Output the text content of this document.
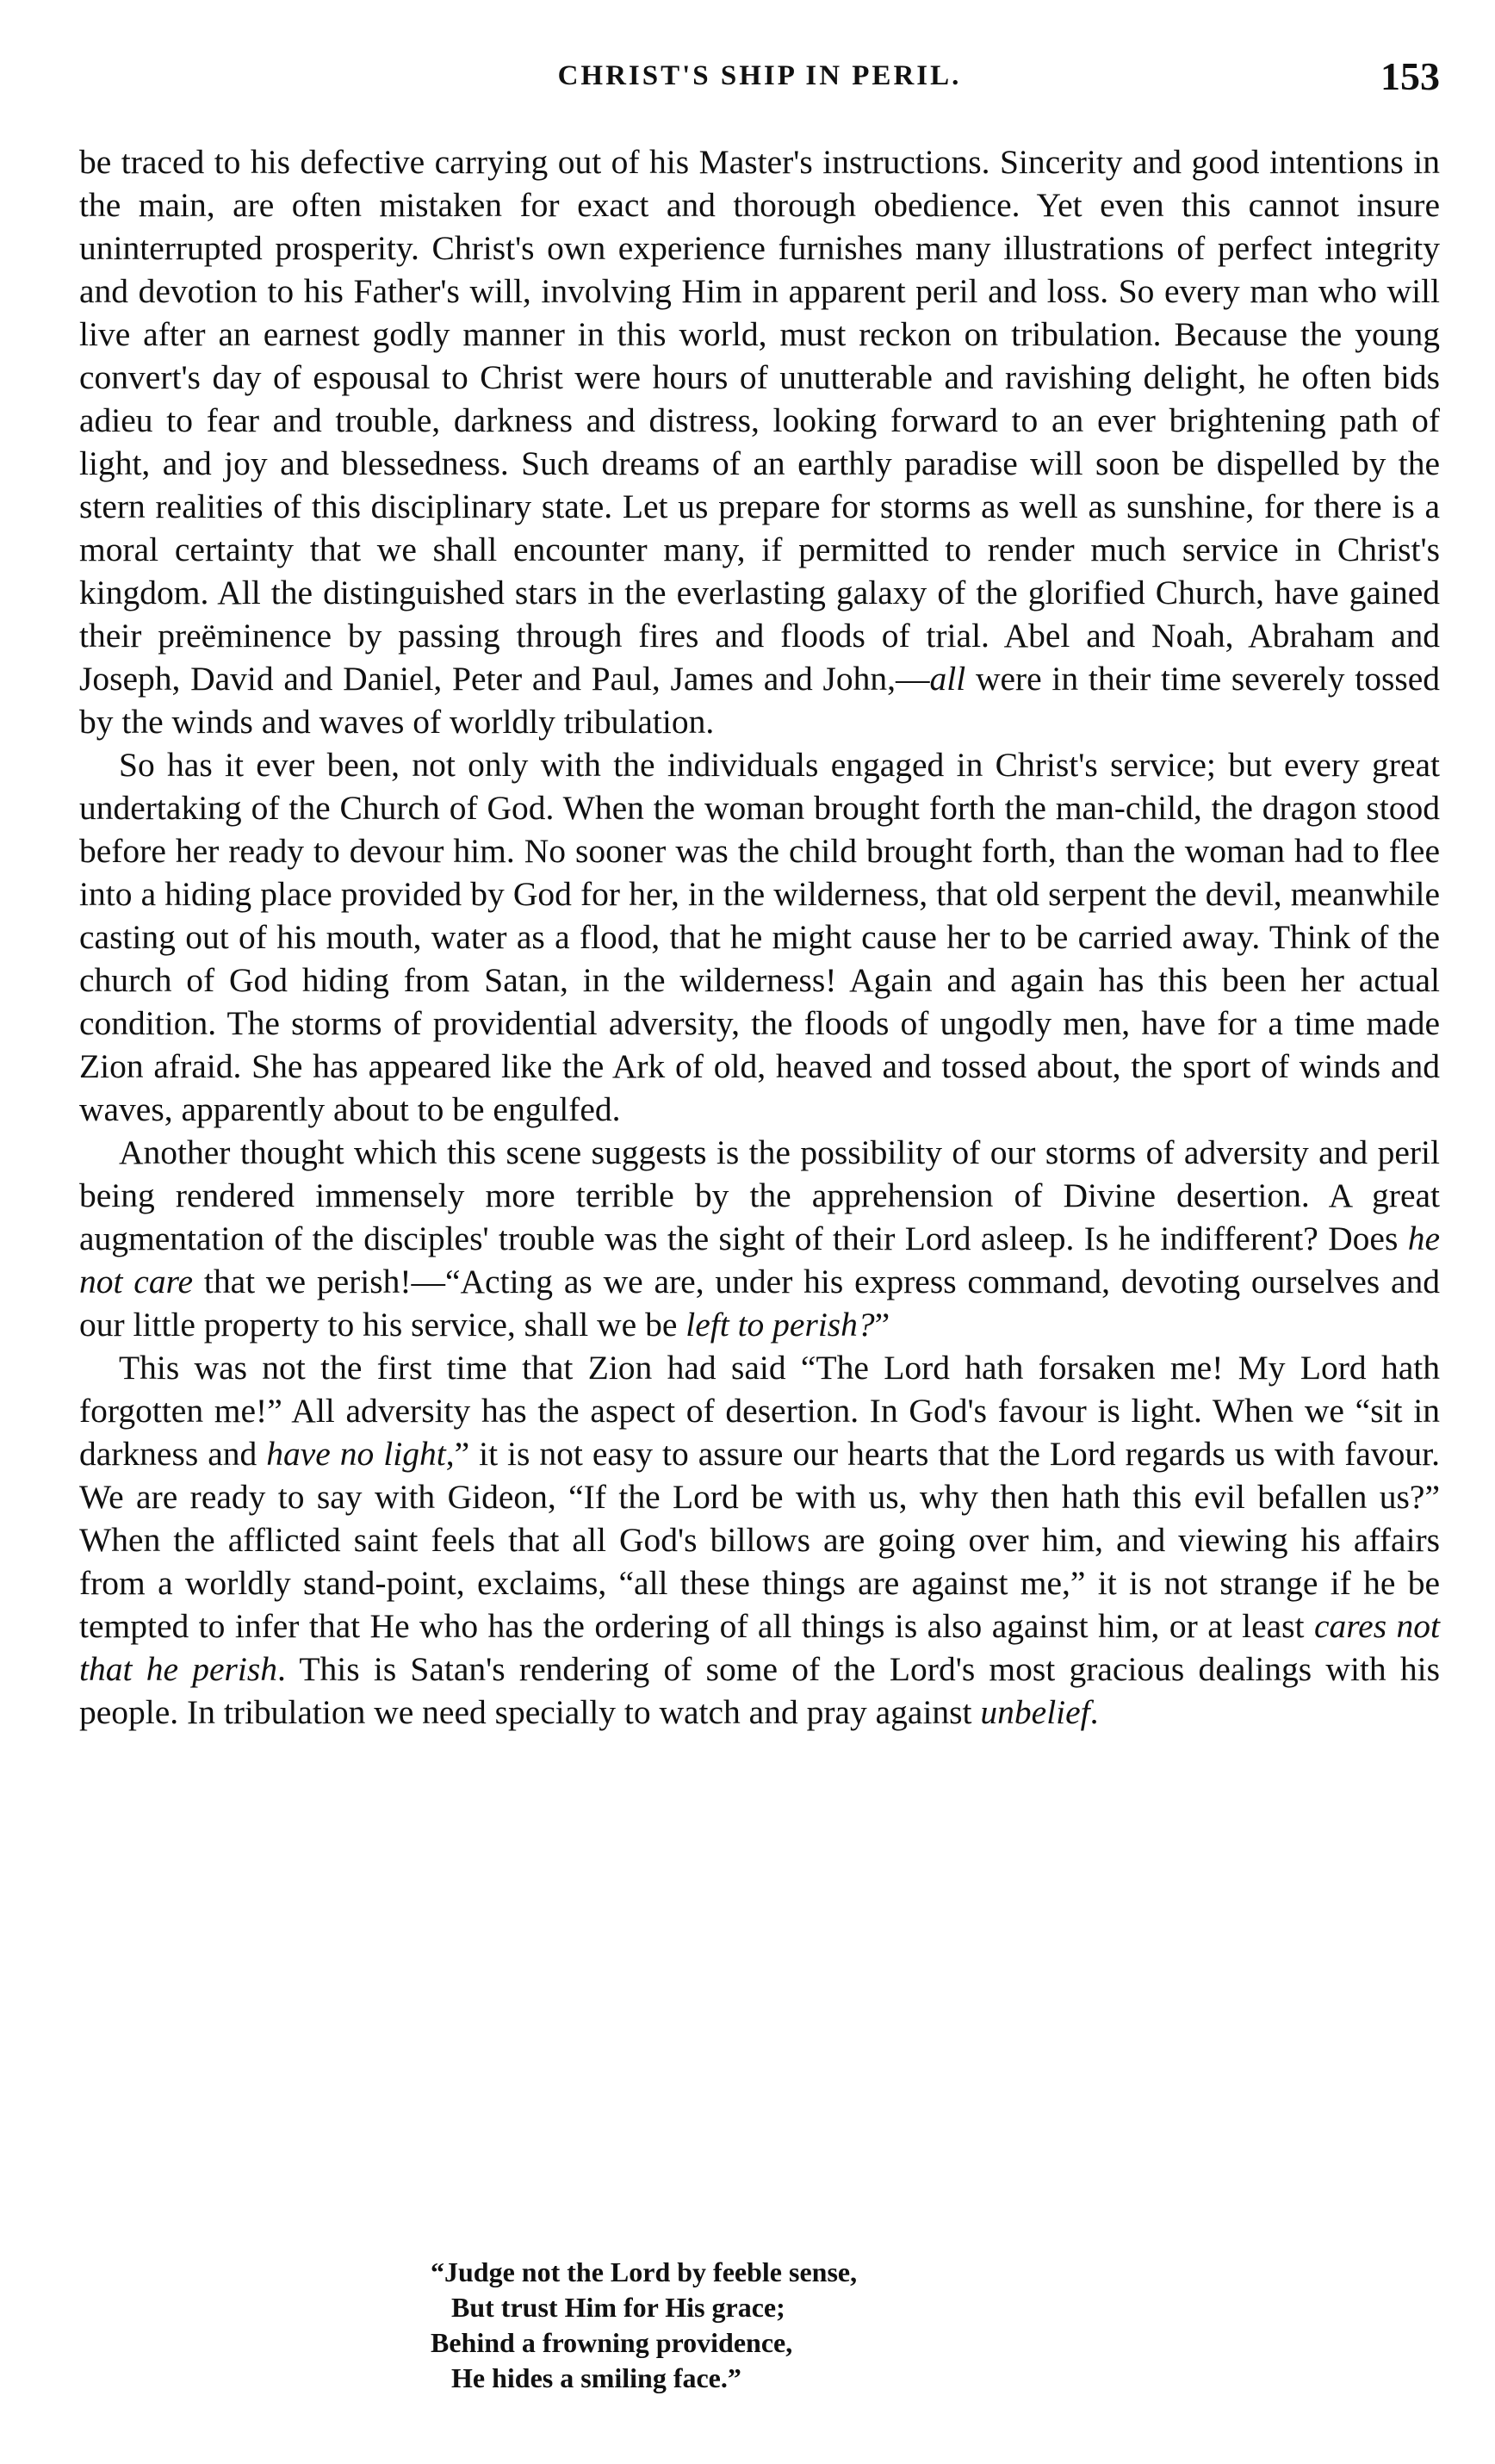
CHRIST'S SHIP IN PERIL.	153

be traced to his defective carrying out of his Master's instructions. Sincerity and good intentions in the main, are often mistaken for exact and thorough obedience. Yet even this cannot insure uninterrupted prosperity. Christ's own experience furnishes many illustrations of perfect integrity and devotion to his Father's will, involving Him in apparent peril and loss. So every man who will live after an earnest godly manner in this world, must reckon on tribulation. Because the young convert's day of espousal to Christ were hours of unutterable and ravishing delight, he often bids adieu to fear and trouble, darkness and distress, looking forward to an ever brightening path of light, and joy and blessedness. Such dreams of an earthly paradise will soon be dispelled by the stern realities of this disciplinary state. Let us prepare for storms as well as sunshine, for there is a moral certainty that we shall encounter many, if permitted to render much service in Christ's kingdom. All the distinguished stars in the everlasting galaxy of the glorified Church, have gained their preëminence by passing through fires and floods of trial. Abel and Noah, Abraham and Joseph, David and Daniel, Peter and Paul, James and John,—all were in their time severely tossed by the winds and waves of worldly tribulation.

So has it ever been, not only with the individuals engaged in Christ's service; but every great undertaking of the Church of God. When the woman brought forth the man-child, the dragon stood before her ready to devour him. No sooner was the child brought forth, than the woman had to flee into a hiding place provided by God for her, in the wilderness, that old serpent the devil, meanwhile casting out of his mouth, water as a flood, that he might cause her to be carried away. Think of the church of God hiding from Satan, in the wilderness! Again and again has this been her actual condition. The storms of providential adversity, the floods of ungodly men, have for a time made Zion afraid. She has appeared like the Ark of old, heaved and tossed about, the sport of winds and waves, apparently about to be engulfed.

Another thought which this scene suggests is the possibility of our storms of adversity and peril being rendered immensely more terrible by the apprehension of Divine desertion. A great augmentation of the disciples' trouble was the sight of their Lord asleep. Is he indifferent? Does he not care that we perish!—“Acting as we are, under his express command, devoting ourselves and our little property to his service, shall we be left to perish?”

This was not the first time that Zion had said “The Lord hath forsaken me! My Lord hath forgotten me!” All adversity has the aspect of desertion. In God's favour is light. When we “sit in darkness and have no light,” it is not easy to assure our hearts that the Lord regards us with favour. We are ready to say with Gideon, “If the Lord be with us, why then hath this evil befallen us?” When the afflicted saint feels that all God's billows are going over him, and viewing his affairs from a worldly stand-point, exclaims, “all these things are against me,” it is not strange if he be tempted to infer that He who has the ordering of all things is also against him, or at least cares not that he perish. This is Satan's rendering of some of the Lord's most gracious dealings with his people. In tribulation we need specially to watch and pray against unbelief.

“Judge not the Lord by feeble sense,
But trust Him for His grace;
Behind a frowning providence,
He hides a smiling face.”
